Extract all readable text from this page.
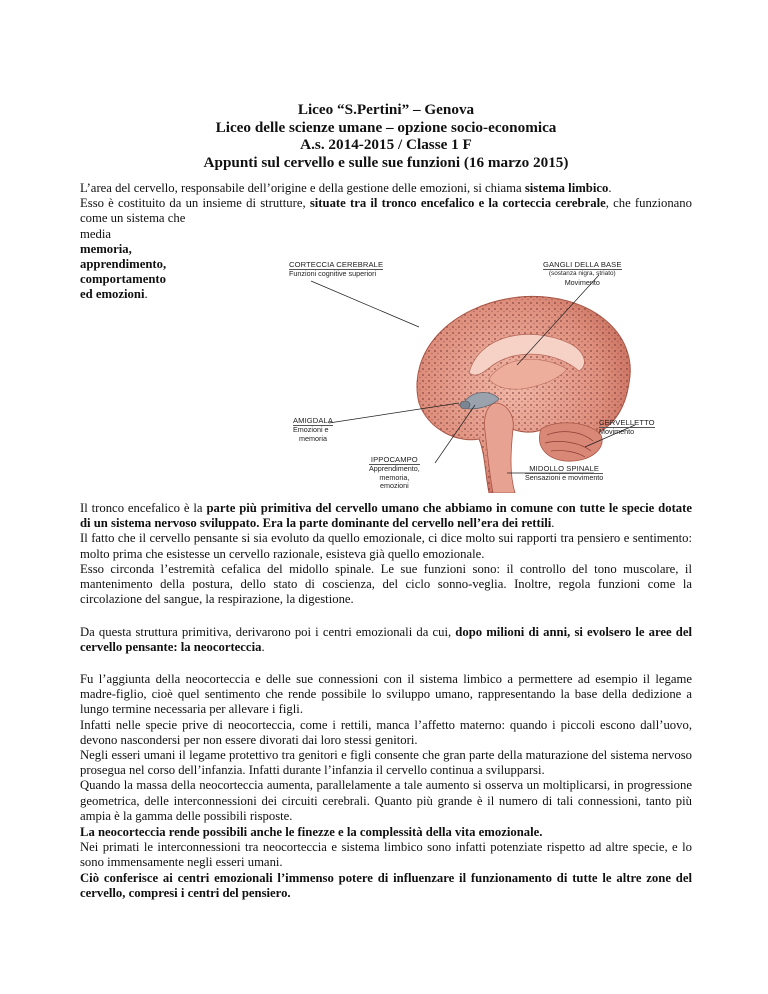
Liceo “S.Pertini” – Genova
Liceo delle scienze umane – opzione socio-economica
A.s. 2014-2015 / Classe 1 F
Appunti sul cervello e sulle sue funzioni (16 marzo 2015)
L’area del cervello, responsabile dell’origine e della gestione delle emozioni, si chiama sistema limbico.
Esso è costituito da un insieme di strutture, situate tra il tronco encefalico e la corteccia cerebrale, che funzionano
come un sistema che
media
memoria,
apprendimento,
comportamento
ed emozioni.
CORTECCIA CEREBRALE
Funzioni cognitive superiori
GANGLI DELLA BASE
(sostanza nigra, striato)
Movimento
AMIGDALA
Emozioni e
memoria
CERVELLETTO
Movimento
IPPOCAMPO
Apprendimento,
memoria,
emozioni
MIDOLLO SPINALE
Sensazioni e movimento
Il tronco encefalico è la parte più primitiva del cervello umano che abbiamo in comune con tutte le specie dotate di un sistema nervoso sviluppato. Era la parte dominante del cervello nell’era dei rettili.
Il fatto che il cervello pensante si sia evoluto da quello emozionale, ci dice molto sui rapporti tra pensiero e sentimento: molto prima che esistesse un cervello razionale, esisteva già quello emozionale.
Esso circonda l’estremità cefalica del midollo spinale. Le sue funzioni sono: il controllo del tono muscolare, il mantenimento della postura, dello stato di coscienza, del ciclo sonno-veglia. Inoltre, regola funzioni come la circolazione del sangue, la respirazione, la digestione.
Da questa struttura primitiva, derivarono poi i centri emozionali da cui, dopo milioni di anni, si evolsero le aree del cervello pensante: la neocorteccia.
Fu l’aggiunta della neocorteccia e delle sue connessioni con il sistema limbico a permettere ad esempio il legame madre-figlio, cioè quel sentimento che rende possibile lo sviluppo umano, rappresentando la base della dedizione a lungo termine necessaria per allevare i figli.
Infatti nelle specie prive di neocorteccia, come i rettili, manca l’affetto materno: quando i piccoli escono dall’uovo, devono nascondersi per non essere divorati dai loro stessi genitori.
Negli esseri umani il legame protettivo tra genitori e figli consente che gran parte della maturazione del sistema nervoso prosegua nel corso dell’infanzia. Infatti durante l’infanzia il cervello continua a svilupparsi.
Quando la massa della neocorteccia aumenta, parallelamente a tale aumento si osserva un moltiplicarsi, in progressione geometrica, delle interconnessioni dei circuiti cerebrali. Quanto più grande è il numero di tali connessioni, tanto più ampia è la gamma delle possibili risposte.
La neocorteccia rende possibili anche le finezze e la complessità della vita emozionale.
Nei primati le interconnessioni tra neocorteccia e sistema limbico sono infatti potenziate rispetto ad altre specie, e lo sono immensamente negli esseri umani.
Ciò conferisce ai centri emozionali l’immenso potere di influenzare il funzionamento di tutte le altre zone del cervello, compresi i centri del pensiero.
